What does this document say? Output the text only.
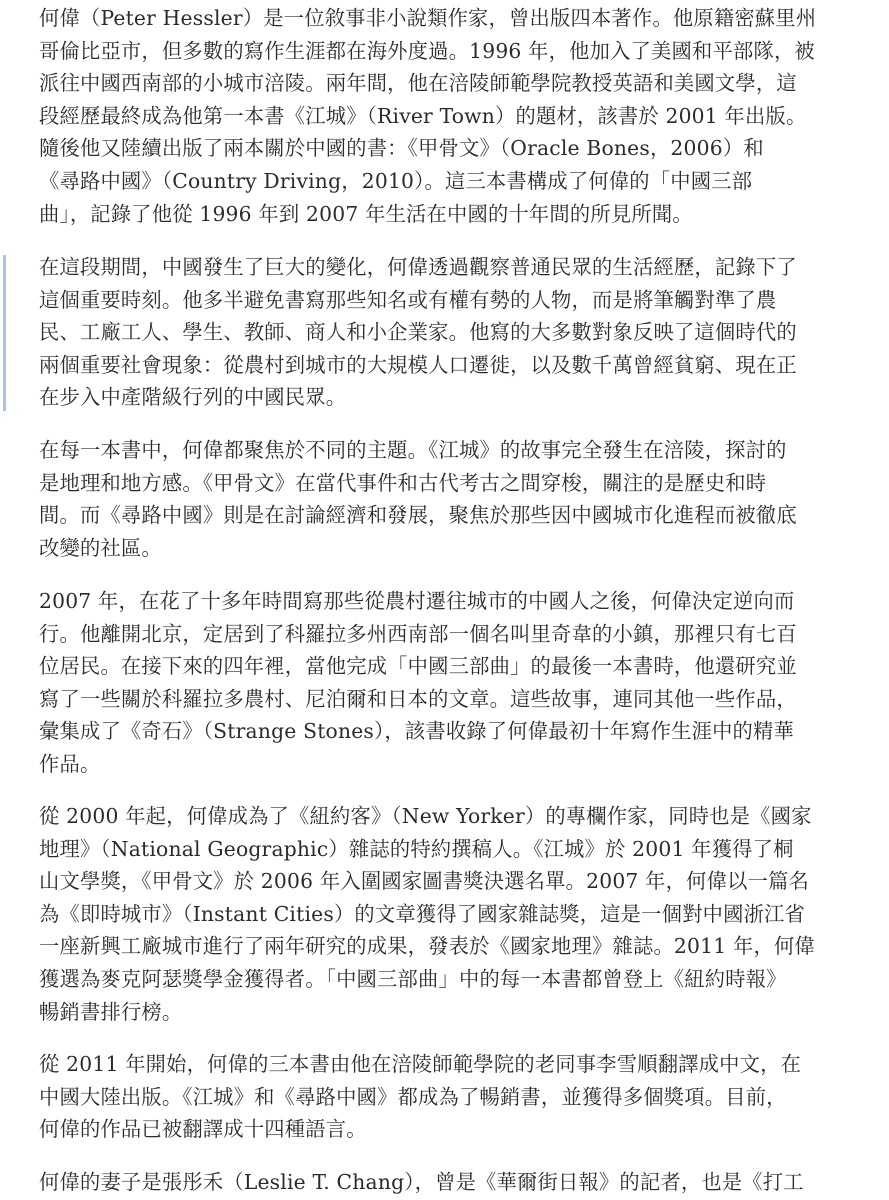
何偉（Peter Hessler）是一位敘事非小說類作家，曾出版四本著作。他原籍密蘇里州
哥倫比亞市，但多數的寫作生涯都在海外度過。1996 年，他加入了美國和平部隊，被
派往中國西南部的小城市涪陵。兩年間，他在涪陵師範學院教授英語和美國文學，這
段經歷最終成為他第一本書《江城》（River Town）的題材，該書於 2001 年出版。
隨後他又陸續出版了兩本關於中國的書：《甲骨文》（Oracle Bones，2006）和
《尋路中國》（Country Driving，2010）。這三本書構成了何偉的「中國三部
曲」，記錄了他從 1996 年到 2007 年生活在中國的十年間的所見所聞。

在這段期間，中國發生了巨大的變化，何偉透過觀察普通民眾的生活經歷，記錄下了
這個重要時刻。他多半避免書寫那些知名或有權有勢的人物，而是將筆觸對準了農
民、工廠工人、學生、教師、商人和小企業家。他寫的大多數對象反映了這個時代的
兩個重要社會現象：從農村到城市的大規模人口遷徙，以及數千萬曾經貧窮、現在正
在步入中產階級行列的中國民眾。

在每一本書中，何偉都聚焦於不同的主題。《江城》的故事完全發生在涪陵，探討的
是地理和地方感。《甲骨文》在當代事件和古代考古之間穿梭，關注的是歷史和時
間。而《尋路中國》則是在討論經濟和發展，聚焦於那些因中國城市化進程而被徹底
改變的社區。

2007 年，在花了十多年時間寫那些從農村遷往城市的中國人之後，何偉決定逆向而
行。他離開北京，定居到了科羅拉多州西南部一個名叫里奇韋的小鎮，那裡只有七百
位居民。在接下來的四年裡，當他完成「中國三部曲」的最後一本書時，他還研究並
寫了一些關於科羅拉多農村、尼泊爾和日本的文章。這些故事，連同其他一些作品，
彙集成了《奇石》（Strange Stones），該書收錄了何偉最初十年寫作生涯中的精華
作品。

從 2000 年起，何偉成為了《紐約客》（New Yorker）的專欄作家，同時也是《國家
地理》（National Geographic）雜誌的特約撰稿人。《江城》於 2001 年獲得了桐
山文學獎，《甲骨文》於 2006 年入圍國家圖書獎決選名單。2007 年，何偉以一篇名
為《即時城市》（Instant Cities）的文章獲得了國家雜誌獎，這是一個對中國浙江省
一座新興工廠城市進行了兩年研究的成果，發表於《國家地理》雜誌。2011 年，何偉
獲選為麥克阿瑟獎學金獲得者。「中國三部曲」中的每一本書都曾登上《紐約時報》
暢銷書排行榜。

從 2011 年開始，何偉的三本書由他在涪陵師範學院的老同事李雪順翻譯成中文，在
中國大陸出版。《江城》和《尋路中國》都成為了暢銷書，並獲得多個獎項。目前，
何偉的作品已被翻譯成十四種語言。

何偉的妻子是張彤禾（Leslie T. Chang），曾是《華爾街日報》的記者，也是《打工
